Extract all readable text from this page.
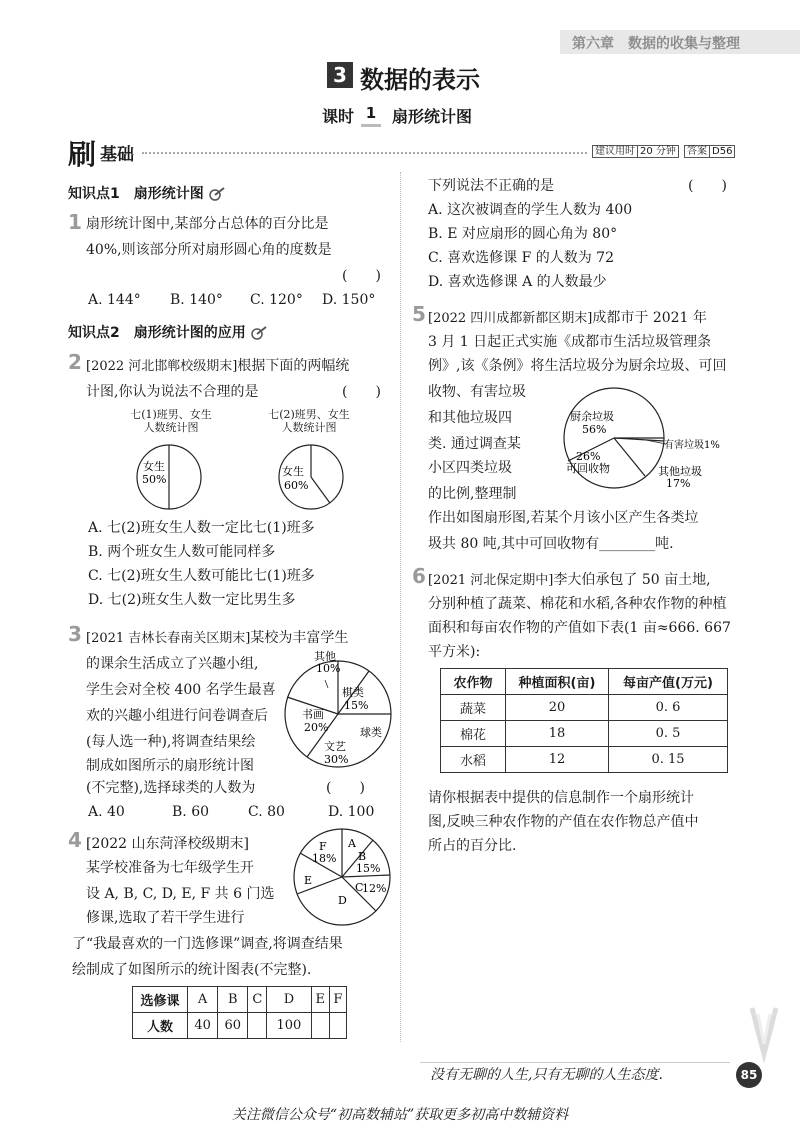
第六章　数据的收集与整理
3 数据的表示
课时 1 扇形统计图
刷 基础	建议用时 20 分钟	答案 D56
知识点1　扇形统计图
1 扇形统计图中,某部分占总体的百分比是
40%,则该部分所对扇形圆心角的度数是
(　　)
A. 144° B. 140° C. 120° D. 150°
知识点2　扇形统计图的应用
2 [2022 河北邯郸校级期末]根据下面的两幅统
计图,你认为说法不合理的是	(　　)
七(1)班男、女生
人数统计图
七(2)班男、女生
人数统计图
女生
50%
女生
60%
A. 七(2)班女生人数一定比七(1)班多
B. 两个班女生人数可能同样多
C. 七(2)班女生人数可能比七(1)班多
D. 七(2)班女生人数一定比男生多
3 [2021 吉林长春南关区期末]某校为丰富学生
的课余生活成立了兴趣小组,
学生会对全校 400 名学生最喜
欢的兴趣小组进行问卷调查后
(每人选一种),将调查结果绘
制成如图所示的扇形统计图
(不完整),选择球类的人数为	(　　)
A. 40	B. 60	C. 80	D. 100
其他
10%
棋类
15%
球类
书画
20%
文艺
30%
4 [2022 山东菏泽校级期末]
某学校准备为七年级学生开
设 A, B, C, D, E, F 共 6 门选
修课,选取了若干学生进行
了“我最喜欢的一门选修课”调查,将调查结果
绘制成了如图所示的统计图表(不完整).
F
18%
A
B
15%
C
12%
D
E
选修课	A	B	C	D	E	F
人数	40	60		100		
下列说法不正确的是	(　　)
A. 这次被调查的学生人数为 400
B. E 对应扇形的圆心角为 80°
C. 喜欢选修课 F 的人数为 72
D. 喜欢选修课 A 的人数最少
5 [2022 四川成都新都区期末]成都市于 2021 年
3 月 1 日起正式实施《成都市生活垃圾管理条
例》,该《条例》将生活垃圾分为厨余垃圾、可回
收物、有害垃圾
和其他垃圾四
类. 通过调查某
小区四类垃圾
的比例,整理制
作出如图扇形图,若某个月该小区产生各类垃
圾共 80 吨,其中可回收物有________吨.
厨余垃圾
56%
有害垃圾1%
其他垃圾
17%
26%
可回收物
6 [2021 河北保定期中]李大伯承包了 50 亩土地,
分别种植了蔬菜、棉花和水稻,各种农作物的种植
面积和每亩农作物的产值如下表(1 亩≈666. 667
平方米):
农作物	种植面积(亩)	每亩产值(万元)
蔬菜	20	0. 6
棉花	18	0. 5
水稻	12	0. 15
请你根据表中提供的信息制作一个扇形统计
图,反映三种农作物的产值在农作物总产值中
所占的百分比.
没有无聊的人生,只有无聊的人生态度.	85
关注微信公众号“初高数辅站”获取更多初高中数辅资料
